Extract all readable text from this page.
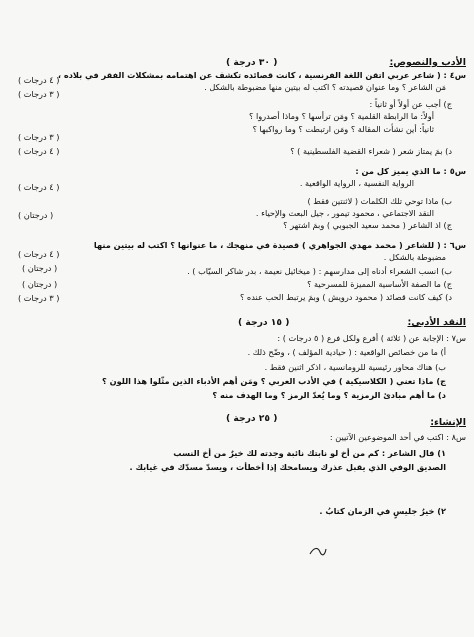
الأدب والنصوص:
( ٣٠ درجة )
س٤ : ( شاعر عربي اتقن اللغة الفرنسية ، كانت قصائده تكشف عن اهتمامه بمشكلات الفقر في بلاده ،
مَن الشاعر ؟ وما عنوان قصيدته ؟ اكتب له بيتين منها مضبوطة بالشكل .
ج) أجب عن أولاً أو ثانياً :
أولاً: ما الرابطة القلمية ؟ ومَن ترأسها ؟ وماذا أصدروا ؟
ثانياً: أين نشأت المقالة ؟ ومَن ارتبطت ؟ وما رواكبها ؟
د) بمَ يمتاز شعر ( شعراء القضية الفلسطينية ) ؟
س٥ : ما الذي يميز كل من :
الرواية النفسية ، الرواية الواقعية .
ب) ماذا توحي تلك الكلمات ( لاثنتين فقط )
النقد الاجتماعي ، محمود تيمور ، جيل البعث والإحياء .
ج) اذ الشاعر ( محمد سعيد الجبوبي ) وبمَ اشتهر ؟
س٦ : ( للشاعر ( محمد مهدي الجواهري ) قصيدة في منهجك ، ما عنوانها ؟ اكتب له بيتين منها
مضبوطة بالشكل .
ب) انسب الشعراء أدناه إلى مدارسهم : ( ميخائيل نعيمة ، بدر شاكر السيّاب ) .
ج) ما الصفة الأساسية المميزة للمسرحية ؟
د) كيف كانت قصائد ( محمود درويش ) وبمَ يرتبط الحب عنده ؟
النقد الأدبي:
( ١٥ درجة )
س٧ : الإجابة عن ( ثلاثة ) أفرع ولكل فرع ( ٥ درجات ) :
أ) ما من خصائص الواقعية : ( حيادية المؤلف ) ، وضّح ذلك .
ب) هناك محاور رئيسية للرومانسية ، اذكر اثنين فقط .
ج) ماذا تعني ( الكلاسيكية ) في الأدب العربي ؟ ومَن أهم الأدباء الذين مثّلوا هذا اللون ؟
د) ما أهم مبادئ الرمزية ؟ وما يُعدّ الرمز ؟ وما الهدف منه ؟
الإنشاء:
( ٢٥ درجة )
س٨ : اكتب في أحد الموضوعين الآتيين :
١) قال الشاعر : كم من أخ لو نابتك نائبة وجدته لك خيرٌ من أخ النسب
الصديق الوفي الذي يقبل عذرك ويسامحك إذا أخطأت ، ويسدّ مسدّك في غيابك .
٢) خيرُ جليسٍ في الزمان كتابُ .
( ٤ درجات )
( ٣ درجات )
( ٣ درجات )
( ٤ درجات )
( ٤ درجات )
( درجتان )
( ٤ درجات )
( درجتان )
( درجتان )
( ٣ درجات )
